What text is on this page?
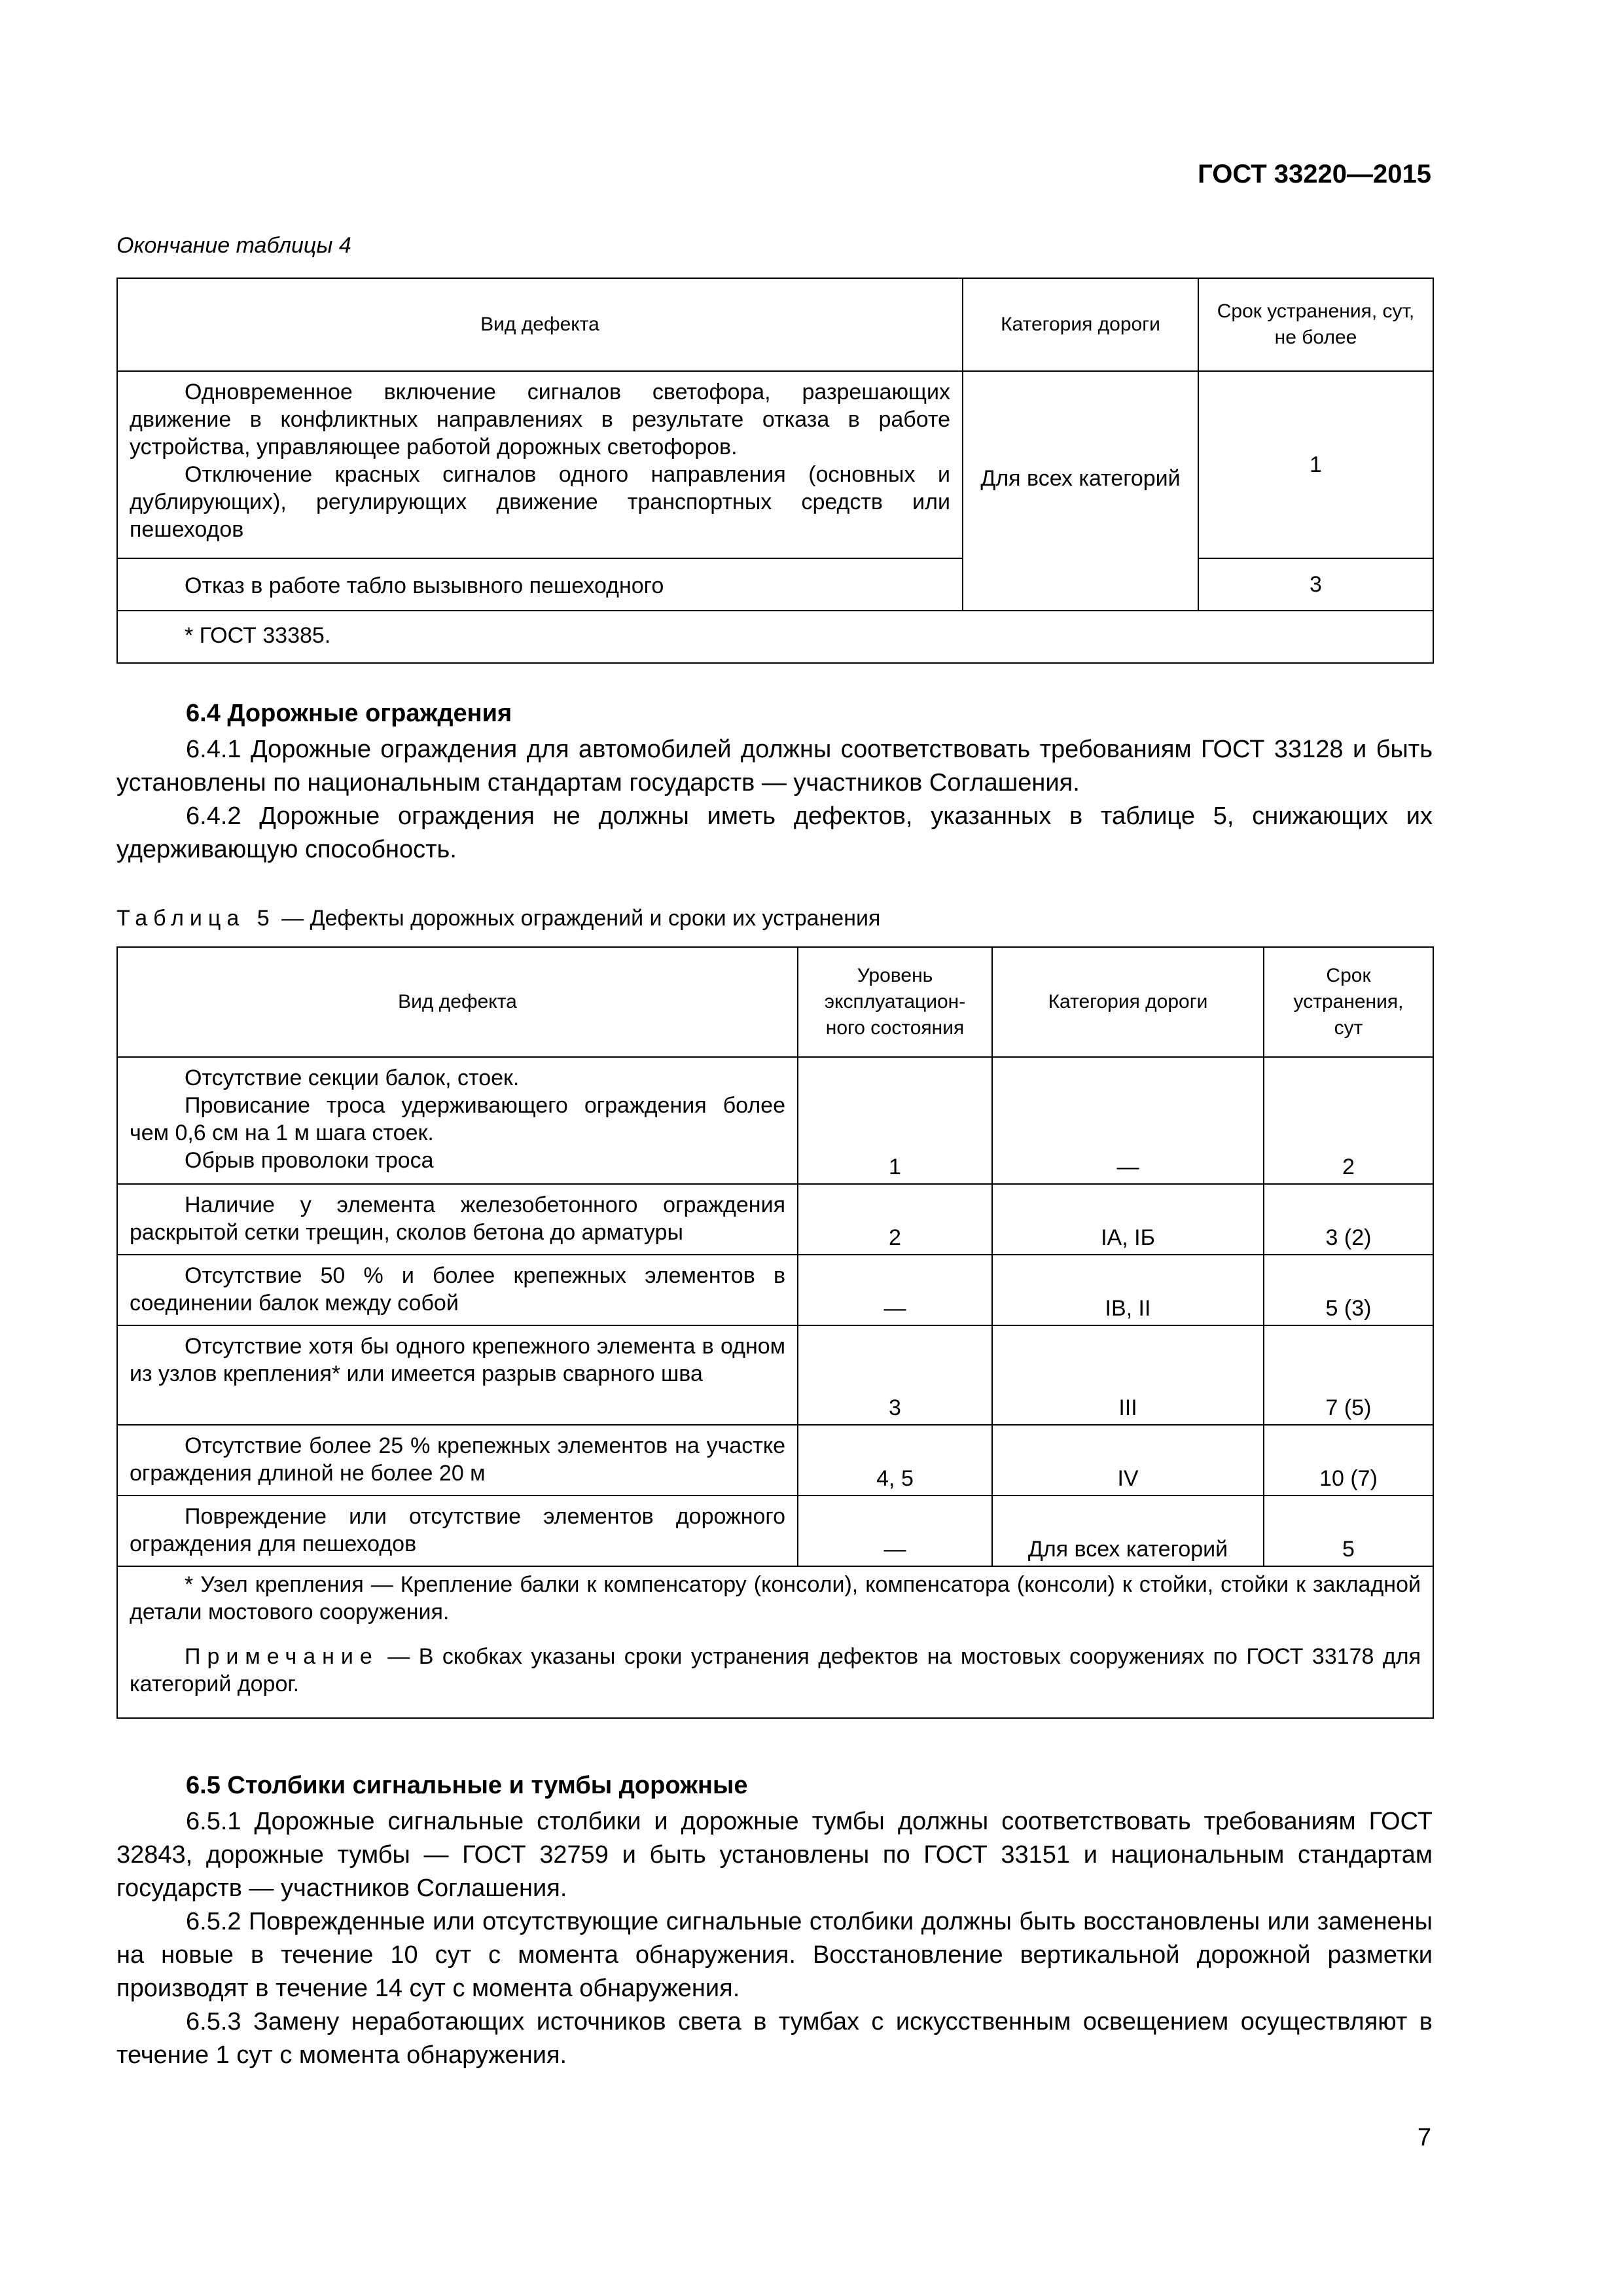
ГОСТ 33220—2015
Окончание таблицы 4
Вид дефекта	Категория дороги	Срок устранения, сут, не более

Одновременное включение сигналов светофора, разрешающих движение в конфликтных направлениях в результате отказа в работе устройства, управляющее работой дорожных светофоров.

Отключение красных сигналов одного направления (основных и дублирующих), регулирующих движение транспортных средств или пешеходов	Для всех категорий	1

Отказ в работе табло вызывного пешеходного		3

* ГОСТ 33385.		

6.4 Дорожные ограждения

6.4.1 Дорожные ограждения для автомобилей должны соответствовать требованиям ГОСТ 33128 и быть установлены по национальным стандартам государств — участников Соглашения.

6.4.2 Дорожные ограждения не должны иметь дефектов, указанных в таблице 5, снижающих их удерживающую способность.

Таблица 5 — Дефекты дорожных ограждений и сроки их устранения
Вид дефекта	Уровень эксплуатацион-ного состояния	Категория дороги	Срок устранения, сут

Отсутствие секции балок, стоек.

Провисание троса удерживающего ограждения более чем 0,6 см на 1 м шага стоек.

Обрыв проволоки троса	1	—	2

Наличие у элемента железобетонного ограждения раскрытой сетки трещин, сколов бетона до арматуры	2	IА, IБ	3 (2)

Отсутствие 50 % и более крепежных элементов в соединении балок между собой	—	IВ, II	5 (3)

Отсутствие хотя бы одного крепежного элемента в одном из узлов крепления* или имеется разрыв сварного шва	3	III	7 (5)

Отсутствие более 25 % крепежных элементов на участке ограждения длиной не более 20 м	4, 5	IV	10 (7)

Повреждение или отсутствие элементов дорожного ограждения для пешеходов	—	Для всех категорий	5

* Узел крепления — Крепление балки к компенсатору (консоли), компенсатора (консоли) к стойки, стойки к закладной детали мостового сооружения.

Примечание — В скобках указаны сроки устранения дефектов на мостовых сооружениях по ГОСТ 33178 для категорий дорог.			

6.5 Столбики сигнальные и тумбы дорожные

6.5.1 Дорожные сигнальные столбики и дорожные тумбы должны соответствовать требованиям ГОСТ 32843, дорожные тумбы — ГОСТ 32759 и быть установлены по ГОСТ 33151 и национальным стандартам государств — участников Соглашения.

6.5.2 Поврежденные или отсутствующие сигнальные столбики должны быть восстановлены или заменены на новые в течение 10 сут с момента обнаружения. Восстановление вертикальной дорожной разметки производят в течение 14 сут с момента обнаружения.

6.5.3 Замену неработающих источников света в тумбах с искусственным освещением осуществляют в течение 1 сут с момента обнаружения.

7
